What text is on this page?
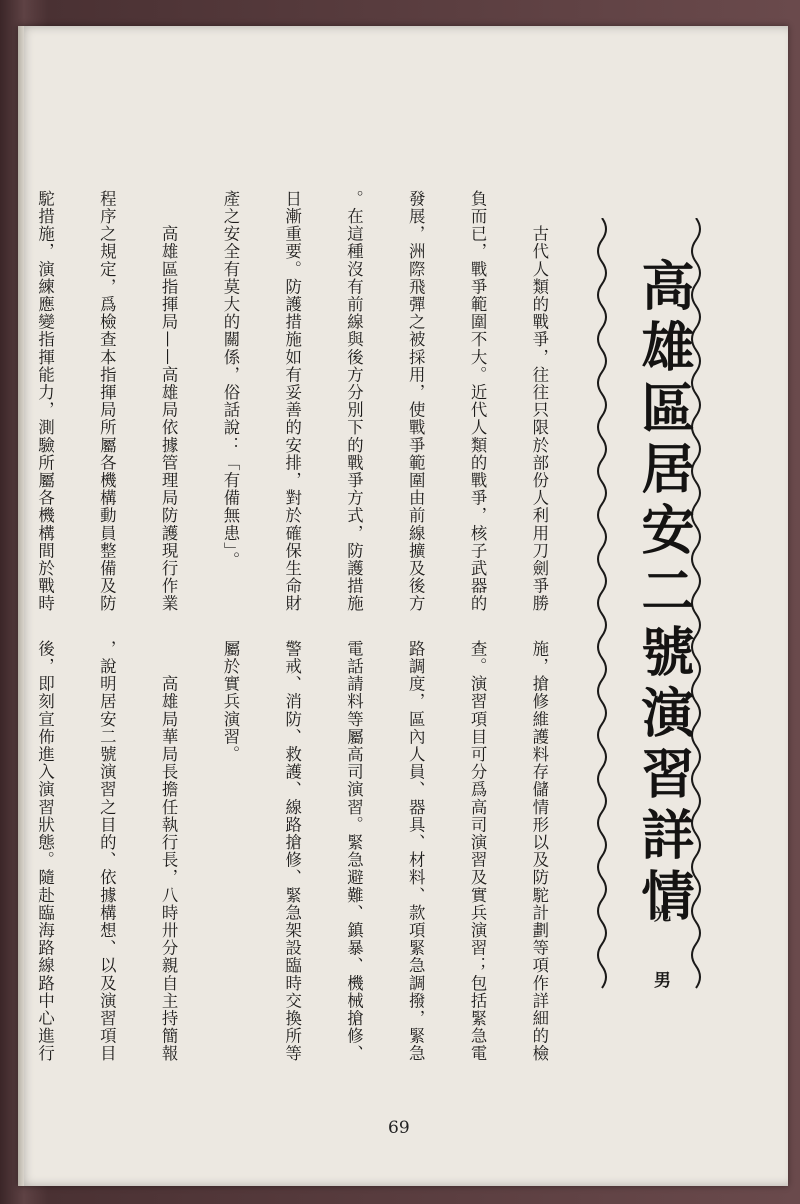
　　古代人類的戰爭，往往只限於部份人利用刀劍爭勝

負而已，戰爭範圍不大。近代人類的戰爭，核子武器的

發展，洲際飛彈之被採用，使戰爭範圍由前線擴及後方

。在這種沒有前線與後方分別下的戰爭方式，防護措施

日漸重要。防護措施如有妥善的安排，對於確保生命財

產之安全有莫大的關係，俗話說：「有備無患」。

　　高雄區指揮局——高雄局依據管理局防護現行作業

程序之規定，爲檢查本指揮局所屬各機構動員整備及防

駝措施，演練應變指揮能力，測驗所屬各機構間於戰時

施，搶修維護料存儲情形以及防駝計劃等項作詳細的檢

查。演習項目可分爲高司演習及實兵演習；包括緊急電

路調度，區內人員、器具、材料、款項緊急調撥，緊急

電話請料等屬高司演習。緊急避難、鎮暴、機械搶修、

警戒、消防、救護、線路搶修、緊急架設臨時交換所等

屬於實兵演習。

　　高雄局華局長擔任執行長，八時卅分親自主持簡報

，說明居安二號演習之目的、依據構想、以及演習項目

後，即刻宣佈進入演習狀態。隨赴臨海路線路中心進行

	高雄區居安二號演習詳情
光　男
69
